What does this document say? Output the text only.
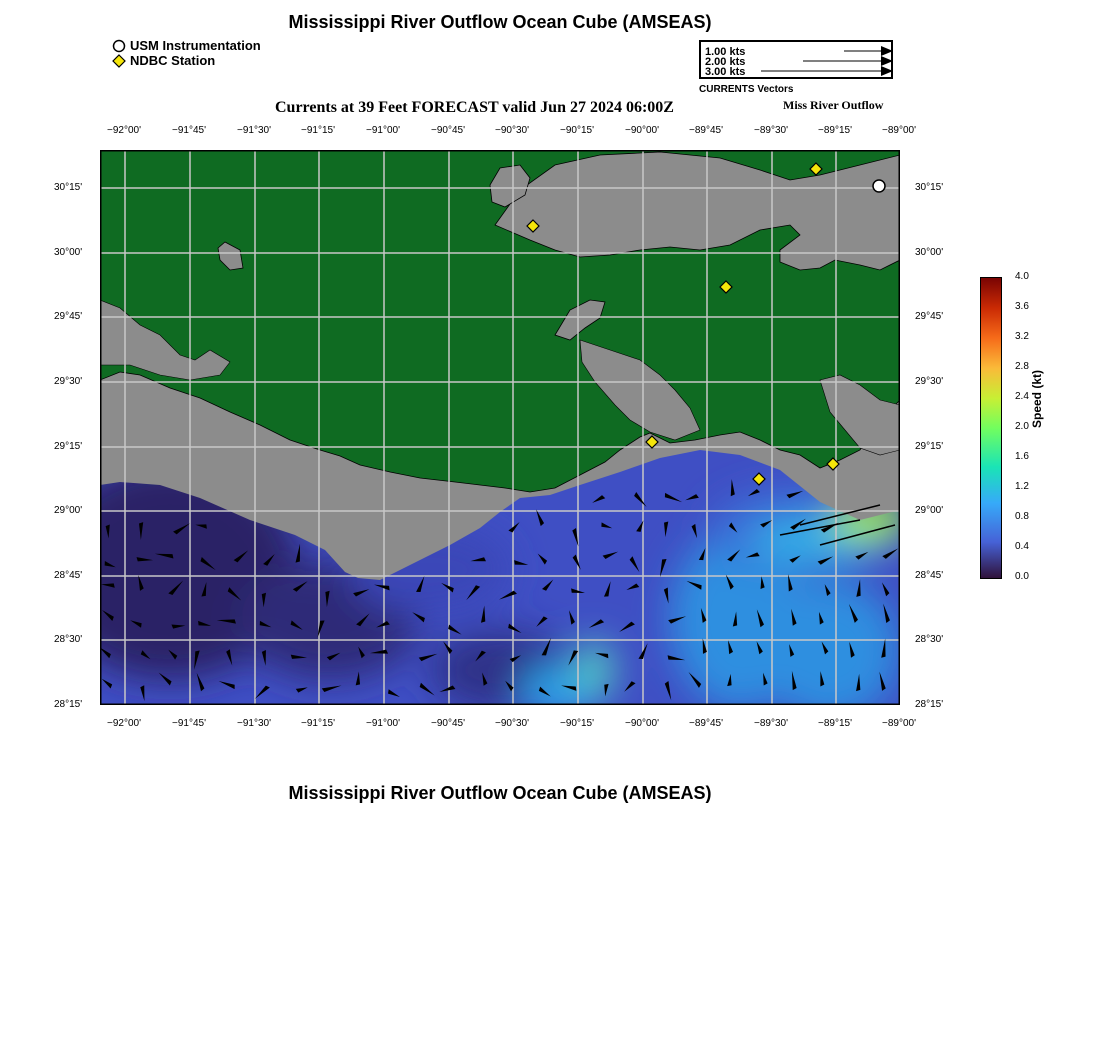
Mississippi River Outflow Ocean Cube (AMSEAS)
Currents at 39 Feet FORECAST valid Jun 27 2024 06:00Z	Miss River Outflow
USM Instrumentation
NDBC Station
1.00 kts
2.00 kts
3.00 kts
CURRENTS Vectors
−92°00'	−91°45'	−91°30'	−91°15'	−91°00'	−90°45'	−90°30'	−90°15'	−90°00'	−89°45'	−89°30'	−89°15'	−89°00'
−92°00'	−91°45'	−91°30'	−91°15'	−91°00'	−90°45'	−90°30'	−90°15'	−90°00'	−89°45'	−89°30'	−89°15'	−89°00'
30°15'
30°00'
29°45'
29°30'
29°15'
29°00'
28°45'
28°30'
28°15'
30°15'
30°00'
29°45'
29°30'
29°15'
29°00'
28°45'
28°30'
28°15'
Speed (kt)
Mississippi River Outflow Ocean Cube (AMSEAS)
4.0
3.6
3.2
2.8
2.4
2.0
1.6
1.2
0.8
0.4
0.0
